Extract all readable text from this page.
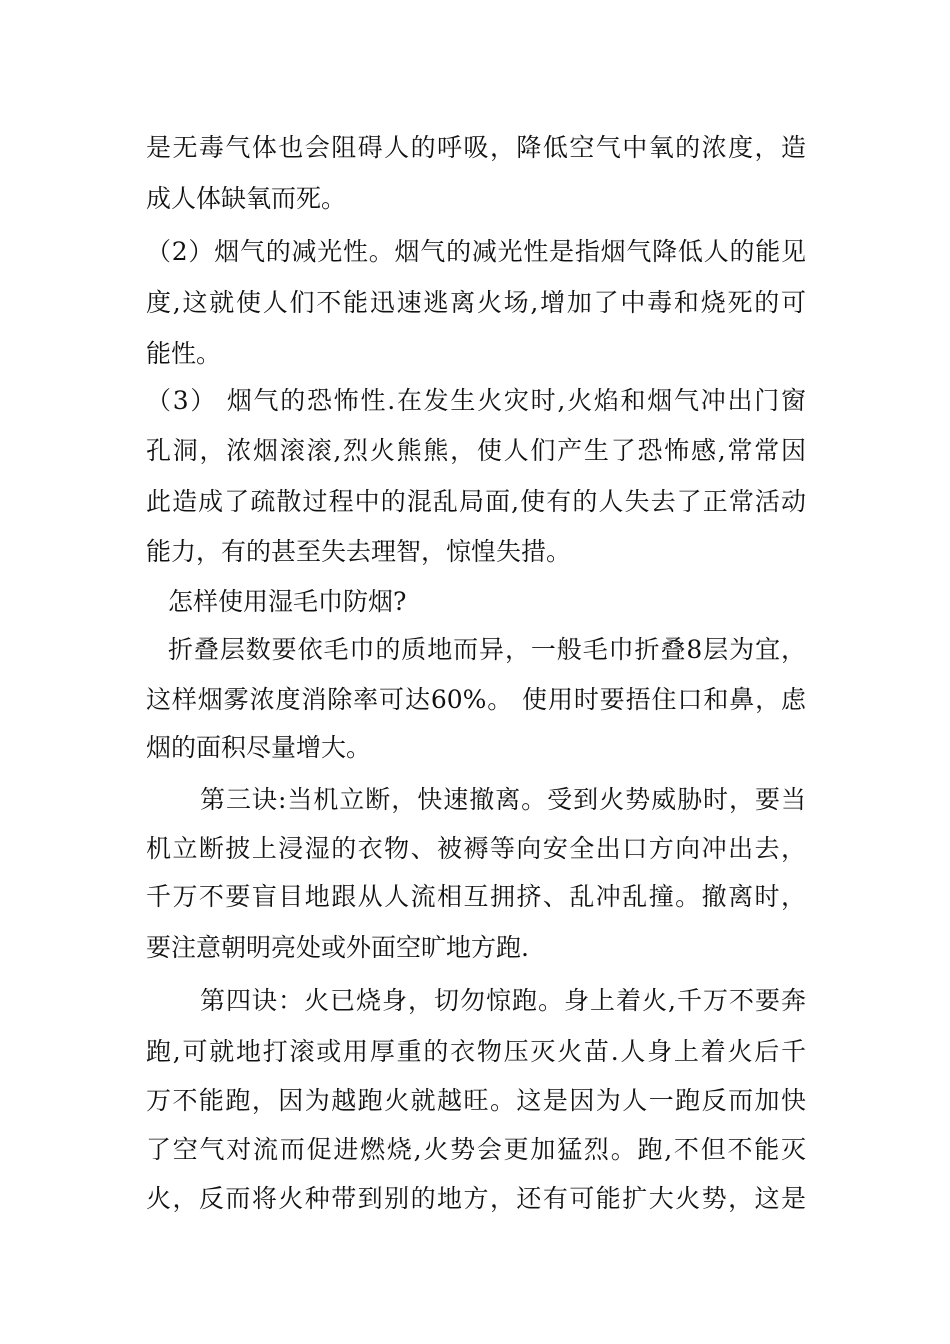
是无毒气体也会阻碍人的呼吸，降低空气中氧的浓度，造

成人体缺氧而死。

（2）烟气的减光性。烟气的减光性是指烟气降低人的能见

度,这就使人们不能迅速逃离火场,增加了中毒和烧死的可

能性。

（3） 烟气的恐怖性.在发生火灾时,火焰和烟气冲出门窗

孔洞，浓烟滚滚,烈火熊熊，使人们产生了恐怖感,常常因

此造成了疏散过程中的混乱局面,使有的人失去了正常活动

能力，有的甚至失去理智，惊惶失措。

怎样使用湿毛巾防烟?

折叠层数要依毛巾的质地而异，一般毛巾折叠8层为宜，

这样烟雾浓度消除率可达60%。 使用时要捂住口和鼻，虑

烟的面积尽量增大。

第三诀:当机立断，快速撤离。受到火势威胁时，要当

机立断披上浸湿的衣物、被褥等向安全出口方向冲出去，

千万不要盲目地跟从人流相互拥挤、乱冲乱撞。撤离时，

要注意朝明亮处或外面空旷地方跑.

第四诀：火已烧身，切勿惊跑。身上着火,千万不要奔

跑,可就地打滚或用厚重的衣物压灭火苗.人身上着火后千

万不能跑，因为越跑火就越旺。这是因为人一跑反而加快

了空气对流而促进燃烧,火势会更加猛烈。跑,不但不能灭

火，反而将火种带到别的地方，还有可能扩大火势，这是
